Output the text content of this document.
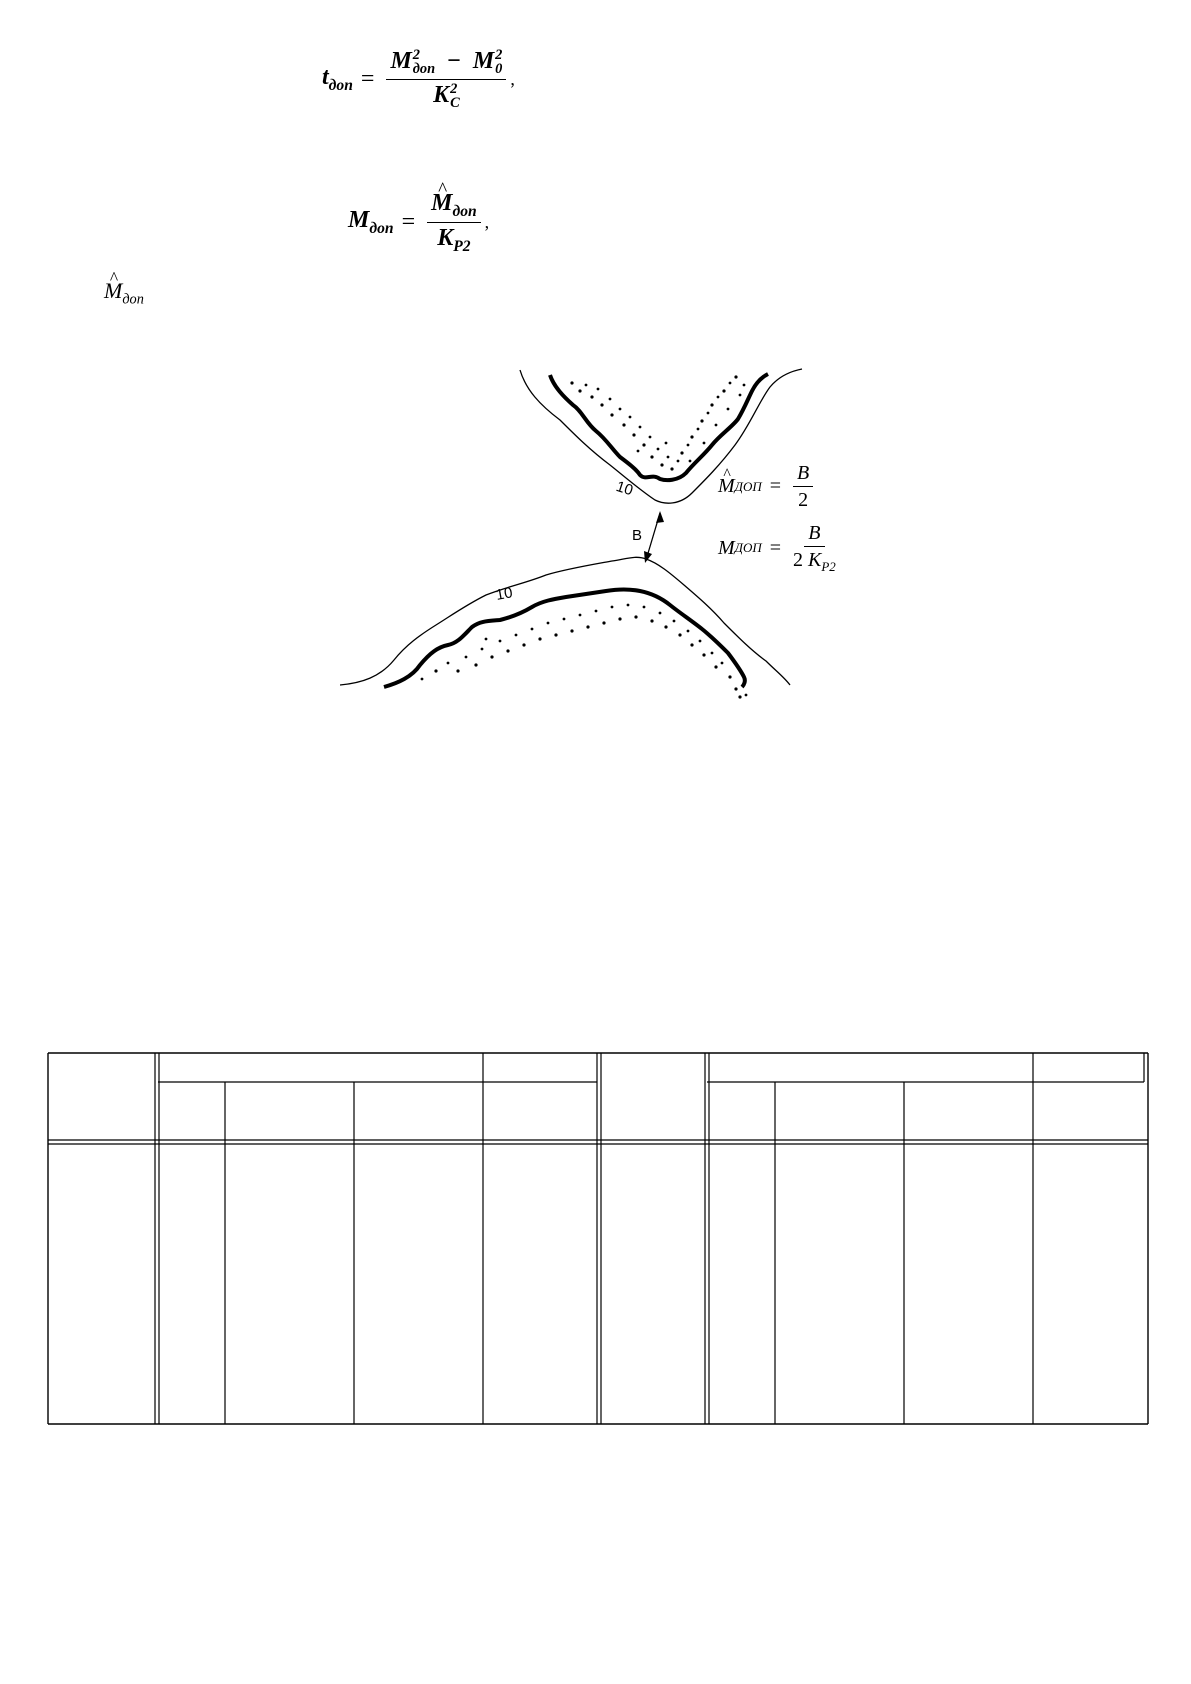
$t_{доп} = M$ 2
доп − M 2
0
K 2
C ,
$M_{доп}$ =
^ $\frac{M_{доп}}{K_{P2}}$ ,
^ $M_{доп}$
10
B
10
^ M ДОП = $\frac{B}{2}$
M ДОП = $\frac{B}{2 K_{P2}}$
